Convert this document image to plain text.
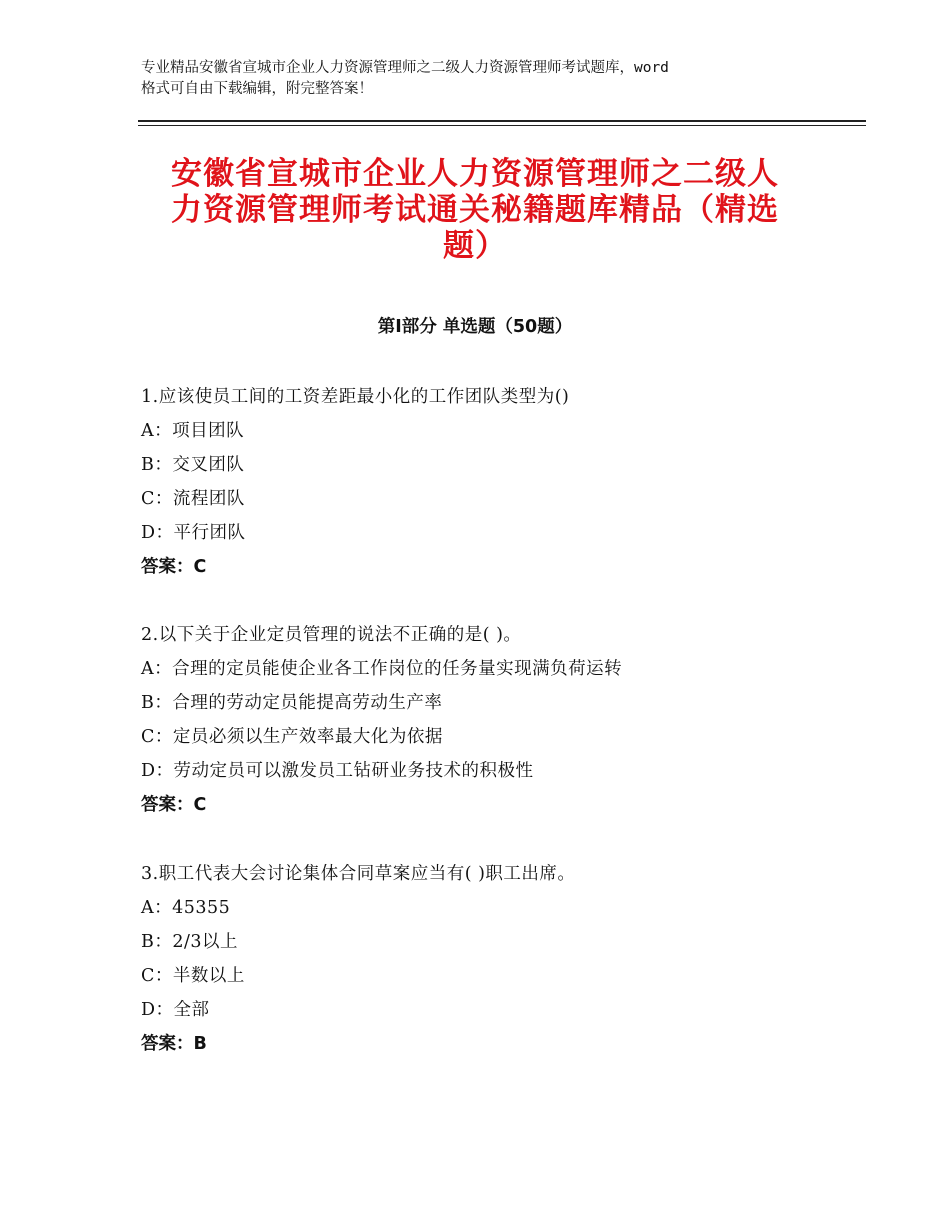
专业精品安徽省宣城市企业人力资源管理师之二级人力资源管理师考试题库，word
格式可自由下载编辑，附完整答案！
安徽省宣城市企业人力资源管理师之二级人
力资源管理师考试通关秘籍题库精品（精选
题）
第Ⅰ部分 单选题（50题）
1.应该使员工间的工资差距最小化的工作团队类型为()
A：项目团队
B：交叉团队
C：流程团队
D：平行团队
答案：C
2.以下关于企业定员管理的说法不正确的是( )。
A：合理的定员能使企业各工作岗位的任务量实现满负荷运转
B：合理的劳动定员能提高劳动生产率
C：定员必须以生产效率最大化为依据
D：劳动定员可以激发员工钻研业务技术的积极性
答案：C
3.职工代表大会讨论集体合同草案应当有( )职工出席。
A：45355
B：2/3以上
C：半数以上
D：全部
答案：B
